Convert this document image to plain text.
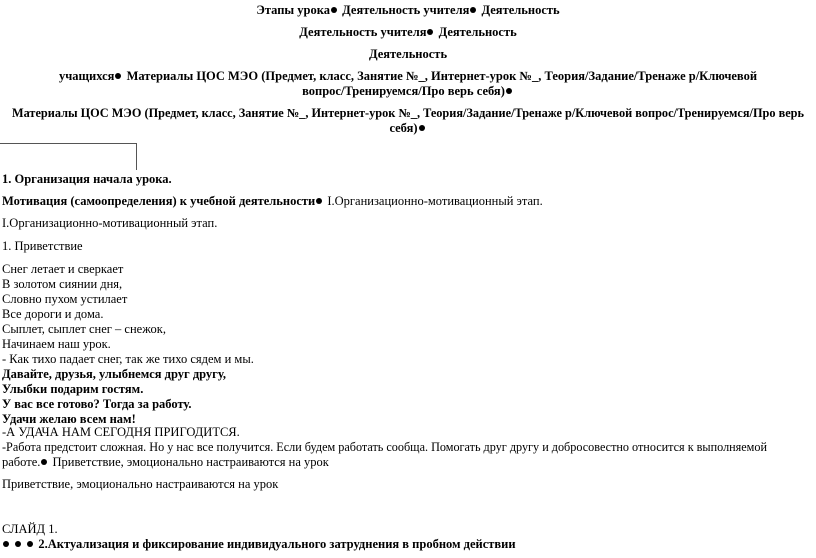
Этапы урока Деятельность учителя Деятельность
Деятельность учителя Деятельность
Деятельность
учащихся Материалы ЦОС МЭО (Предмет, класс, Занятие №_, Интернет-урок №_, Теория/Задание/Тренаже р/Ключевой
вопрос/Тренируемся/Про верь себя)
Материалы ЦОС МЭО (Предмет, класс, Занятие №_, Интернет-урок №_, Теория/Задание/Тренаже р/Ключевой вопрос/Тренируемся/Про верь
себя)
1. Организация начала урока.
Мотивация (самоопределения) к учебной деятельности I.Организационно-мотивационный этап.
I.Организационно-мотивационный этап.
1. Приветствие
Снег летает и сверкает
В золотом сиянии дня,
Словно пухом устилает
Все дороги и дома.
Сыплет, сыплет снег – снежок,
Начинаем наш урок.
- Как тихо падает снег, так же тихо сядем и мы.
Давайте, друзья, улыбнемся друг другу,
Улыбки подарим гостям.
У вас все готово? Тогда за работу.
Удачи желаю всем нам!
-А УДАЧА НАМ СЕГОДНЯ ПРИГОДИТСЯ.
-Работа предстоит сложная. Но у нас все получится. Если будем работать сообща. Помогать друг другу и добросовестно относится к выполняемой
работе. Приветствие, эмоционально настраиваются на урок
Приветствие, эмоционально настраиваются на урок
СЛАЙД 1.
2.Актуализация и фиксирование индивидуального затруднения в пробном действии
